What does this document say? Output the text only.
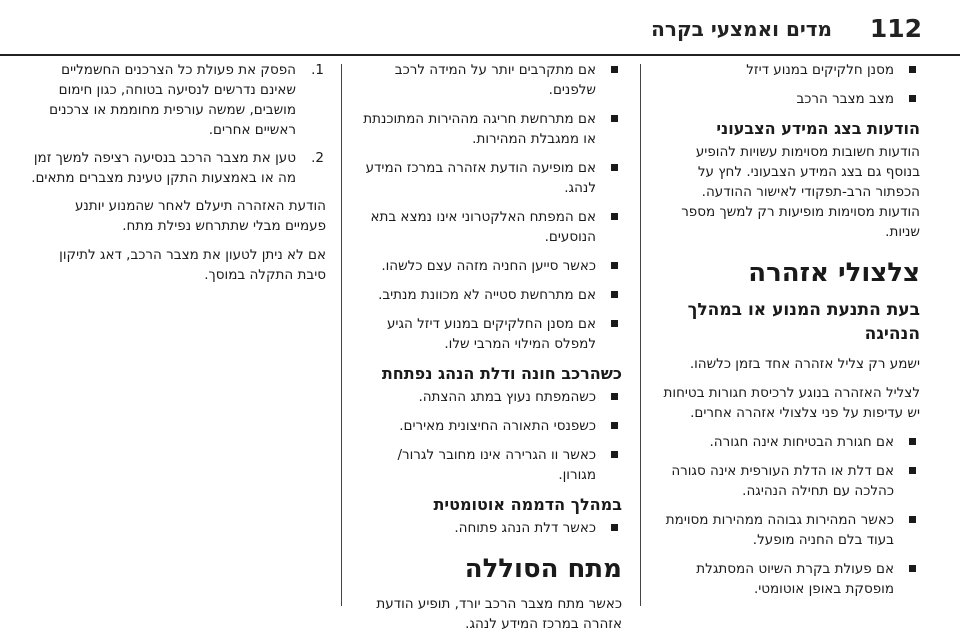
112
מדים ואמצעי בקרה
מסנן חלקיקים במנוע דיזל
מצב מצבר הרכב
הודעות בצג המידע הצבעוני

הודעות חשובות מסוימות עשויות להופיע בנוסף גם בצג המידע הצבעוני. לחץ על הכפתור הרב-תפקודי לאישור ההודעה. הודעות מסוימות מופיעות רק למשך מספר שניות.

צלצולי אזהרה
בעת התנעת המנוע או במהלך הנהיגה

ישמע רק צליל אזהרה אחד בזמן כלשהו.

לצליל האזהרה בנוגע לרכיסת חגורות בטיחות יש עדיפות על פני צלצולי אזהרה אחרים.

אם חגורת הבטיחות אינה חגורה.
אם דלת או הדלת העורפית אינה סגורה כהלכה עם תחילה הנהיגה.
כאשר המהירות גבוהה ממהירות מסוימת בעוד בלם החניה מופעל.
אם פעולת בקרת השיוט המסתגלת מופסקת באופן אוטומטי.
אם מתקרבים יותר על המידה לרכב שלפנים.
אם מתרחשת חריגה מההירות המתוכנתת או ממגבלת המהירות.
אם מופיעה הודעת אזהרה במרכז המידע לנהג.
אם המפתח האלקטרוני אינו נמצא בתא הנוסעים.
כאשר סייען החניה מזהה עצם כלשהו.
אם מתרחשת סטייה לא מכוונת מנתיב.
אם מסנן החלקיקים במנוע דיזל הגיע למפלס המילוי המרבי שלו.
כשהרכב חונה ודלת הנהג נפתחת
כשהמפתח נעוץ במתג ההצתה.
כשפנסי התאורה החיצונית מאירים.
כאשר וו הגרירה אינו מחובר לגרור/ מגורון.
במהלך הדממה אוטומטית
כאשר דלת הנהג פתוחה.
מתח הסוללה

כאשר מתח מצבר הרכב יורד, תופיע הודעת אזהרה במרכז המידע לנהג.

1.
הפסק את פעולת כל הצרכנים החשמליים שאינם נדרשים לנסיעה בטוחה, כגון חימום מושבים, שמשה עורפית מחוממת או צרכנים ראשיים אחרים.
2.
טען את מצבר הרכב בנסיעה רציפה למשך זמן מה או באמצעות התקן טעינת מצברים מתאים.

הודעת האזהרה תיעלם לאחר שהמנוע יותנע פעמיים מבלי שתתרחש נפילת מתח.

אם לא ניתן לטעון את מצבר הרכב, דאג לתיקון סיבת התקלה במוסך.
